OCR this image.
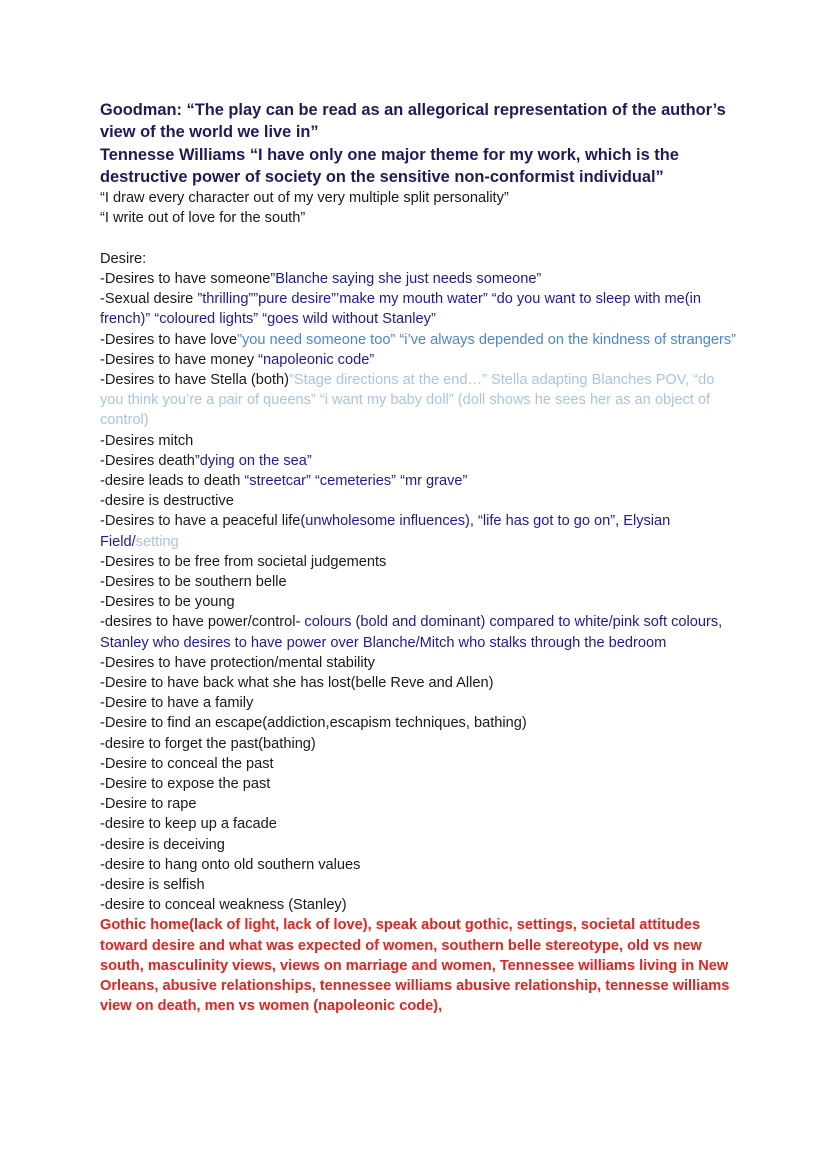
Goodman: “The play can be read as an allegorical representation of the author’s view of the world we live in”
Tennesse Williams “I have only one major theme for my work, which is the destructive power of society on the sensitive non-conformist individual”
“I draw every character out of my very multiple split personality”
“I write out of love for the south”
Desire:
-Desires to have someone”Blanche saying she just needs someone”
-Sexual desire ”thrilling””pure desire”’make my mouth water” “do you want to sleep with me(in french)” “coloured lights” “goes wild without Stanley”
-Desires to have love”you need someone too” “i’ve always depended on the kindness of strangers”
-Desires to have money “napoleonic code”
-Desires to have Stella (both)”Stage directions at the end…” Stella adapting Blanches POV, “do you think you’re a pair of queens” “i want my baby doll” (doll shows he sees her as an object of control)
-Desires mitch
-Desires death”dying on the sea”
-desire leads to death “streetcar” “cemeteries” “mr grave”
-desire is destructive
-Desires to have a peaceful life(unwholesome influences), “life has got to go on”, Elysian Field/setting
-Desires to be free from societal judgements
-Desires to be southern belle
-Desires to be young
-desires to have power/control- colours (bold and dominant) compared to white/pink soft colours, Stanley who desires to have power over Blanche/Mitch who stalks through the bedroom
-Desires to have protection/mental stability
-Desire to have back what she has lost(belle Reve and Allen)
-Desire to have a family
-Desire to find an escape(addiction,escapism techniques, bathing)
-desire to forget the past(bathing)
-Desire to conceal the past
-Desire to expose the past
-Desire to rape
-desire to keep up a facade
-desire is deceiving
-desire to hang onto old southern values
-desire is selfish
-desire to conceal weakness (Stanley)
Gothic home(lack of light, lack of love), speak about gothic, settings, societal attitudes toward desire and what was expected of women, southern belle stereotype, old vs new south, masculinity views, views on marriage and women, Tennessee williams living in New Orleans, abusive relationships, tennessee williams abusive relationship, tennesse williams view on death, men vs women (napoleonic code),
